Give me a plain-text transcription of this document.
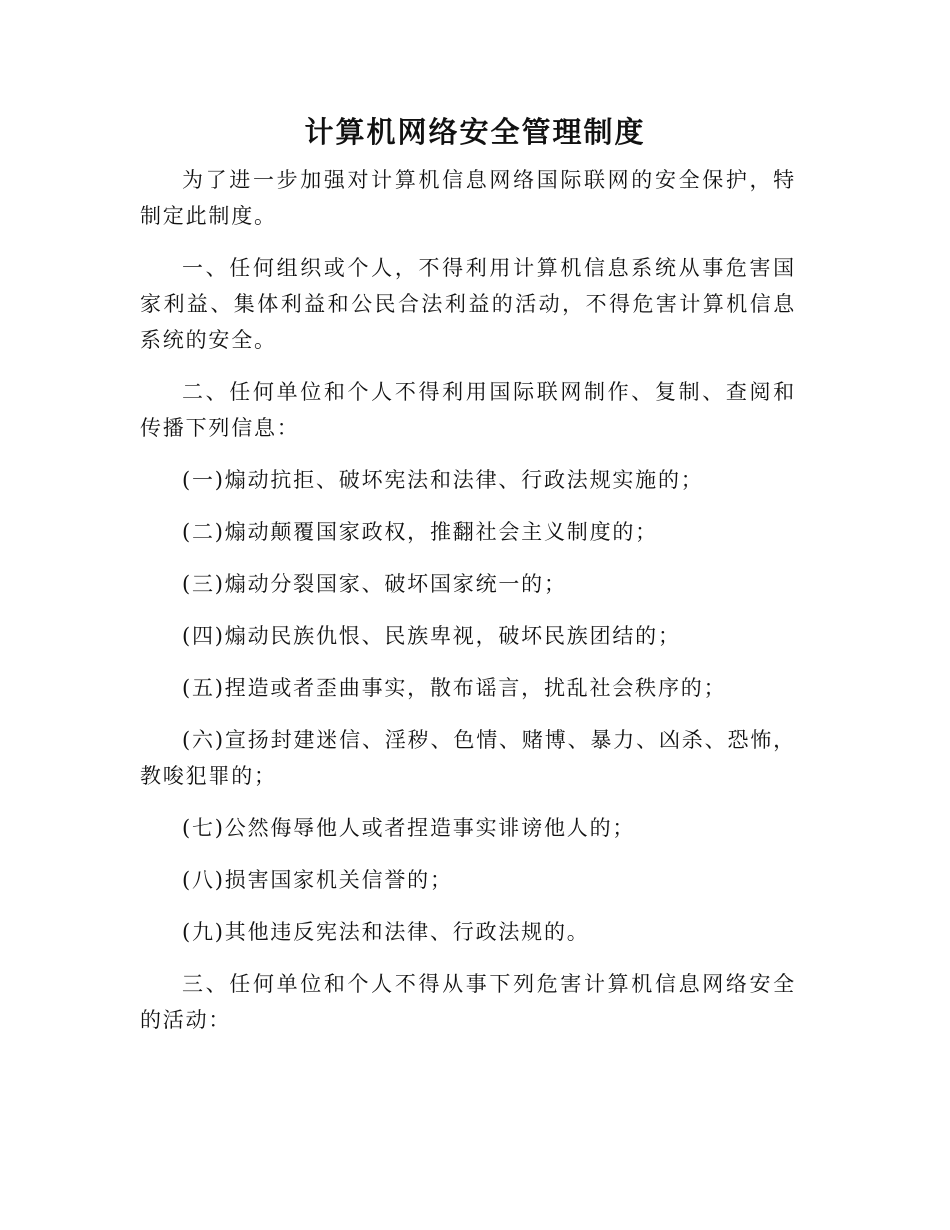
计算机网络安全管理制度

为了进一步加强对计算机信息网络国际联网的安全保护，特制定此制度。

一、任何组织或个人，不得利用计算机信息系统从事危害国家利益、集体利益和公民合法利益的活动，不得危害计算机信息系统的安全。

二、任何单位和个人不得利用国际联网制作、复制、查阅和传播下列信息：

(一)煽动抗拒、破坏宪法和法律、行政法规实施的；

(二)煽动颠覆国家政权，推翻社会主义制度的；

(三)煽动分裂国家、破坏国家统一的；

(四)煽动民族仇恨、民族卑视，破坏民族团结的；

(五)捏造或者歪曲事实，散布谣言，扰乱社会秩序的；

(六)宣扬封建迷信、淫秽、色情、赌博、暴力、凶杀、恐怖，教唆犯罪的；

(七)公然侮辱他人或者捏造事实诽谤他人的；

(八)损害国家机关信誉的；

(九)其他违反宪法和法律、行政法规的。

三、任何单位和个人不得从事下列危害计算机信息网络安全的活动：
